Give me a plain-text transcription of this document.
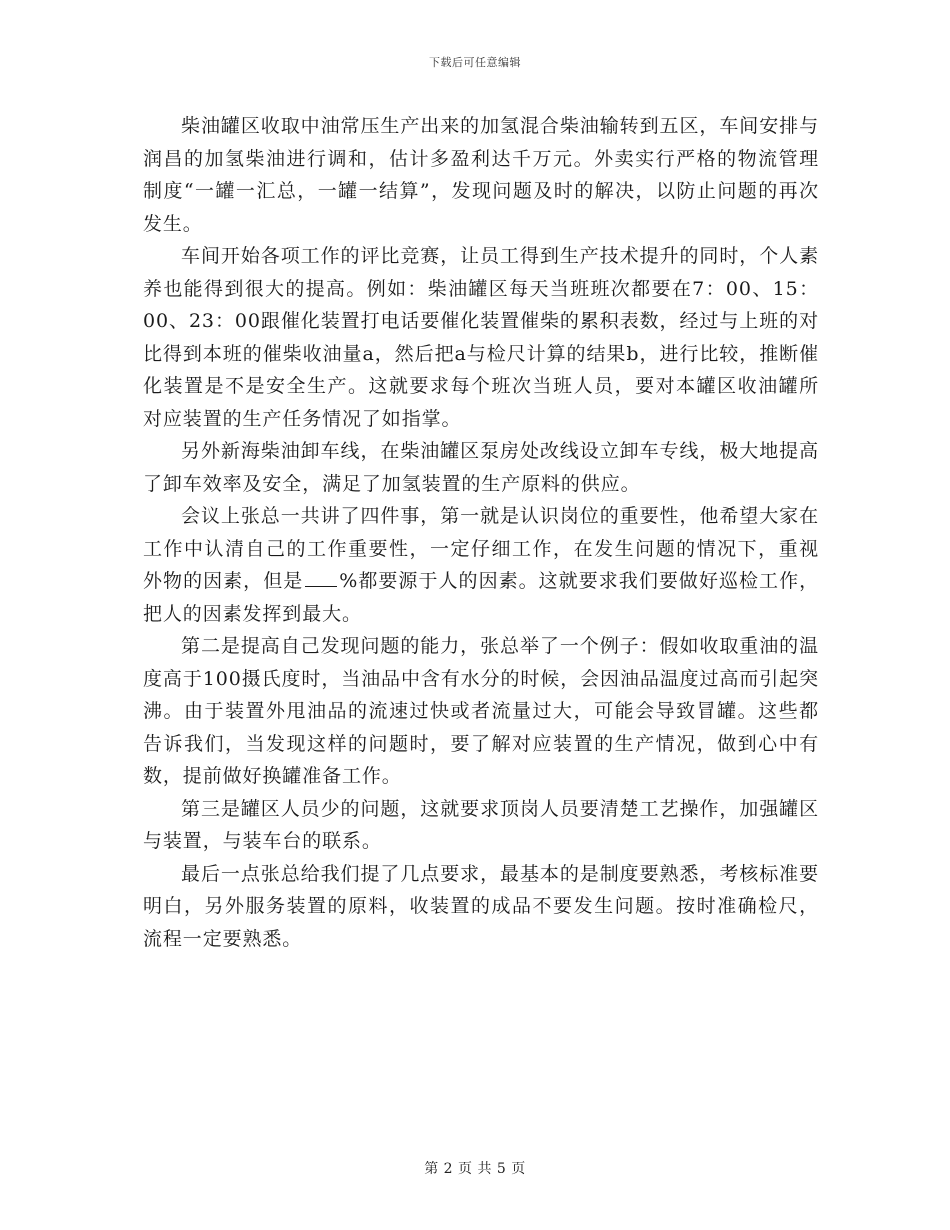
下载后可任意编辑

柴油罐区收取中油常压生产出来的加氢混合柴油输转到五区，车间安排与润昌的加氢柴油进行调和，估计多盈利达千万元。外卖实行严格的物流管理制度“一罐一汇总，一罐一结算”，发现问题及时的解决，以防止问题的再次发生。

车间开始各项工作的评比竞赛，让员工得到生产技术提升的同时，个人素养也能得到很大的提高。例如：柴油罐区每天当班班次都要在7：00、15：00、23：00跟催化装置打电话要催化装置催柴的累积表数，经过与上班的对比得到本班的催柴收油量a，然后把a与检尺计算的结果b，进行比较，推断催化装置是不是安全生产。这就要求每个班次当班人员，要对本罐区收油罐所对应装置的生产任务情况了如指掌。

另外新海柴油卸车线，在柴油罐区泵房处改线设立卸车专线，极大地提高了卸车效率及安全，满足了加氢装置的生产原料的供应。

会议上张总一共讲了四件事，第一就是认识岗位的重要性，他希望大家在工作中认清自己的工作重要性，一定仔细工作，在发生问题的情况下，重视外物的因素，但是 %都要源于人的因素。这就要求我们要做好巡检工作，把人的因素发挥到最大。

第二是提高自己发现问题的能力，张总举了一个例子：假如收取重油的温度高于100摄氏度时，当油品中含有水分的时候，会因油品温度过高而引起突沸。由于装置外甩油品的流速过快或者流量过大，可能会导致冒罐。这些都告诉我们，当发现这样的问题时，要了解对应装置的生产情况，做到心中有数，提前做好换罐准备工作。

第三是罐区人员少的问题，这就要求顶岗人员要清楚工艺操作，加强罐区与装置，与装车台的联系。

最后一点张总给我们提了几点要求，最基本的是制度要熟悉，考核标准要明白，另外服务装置的原料，收装置的成品不要发生问题。按时准确检尺，流程一定要熟悉。

第 2 页 共 5 页
